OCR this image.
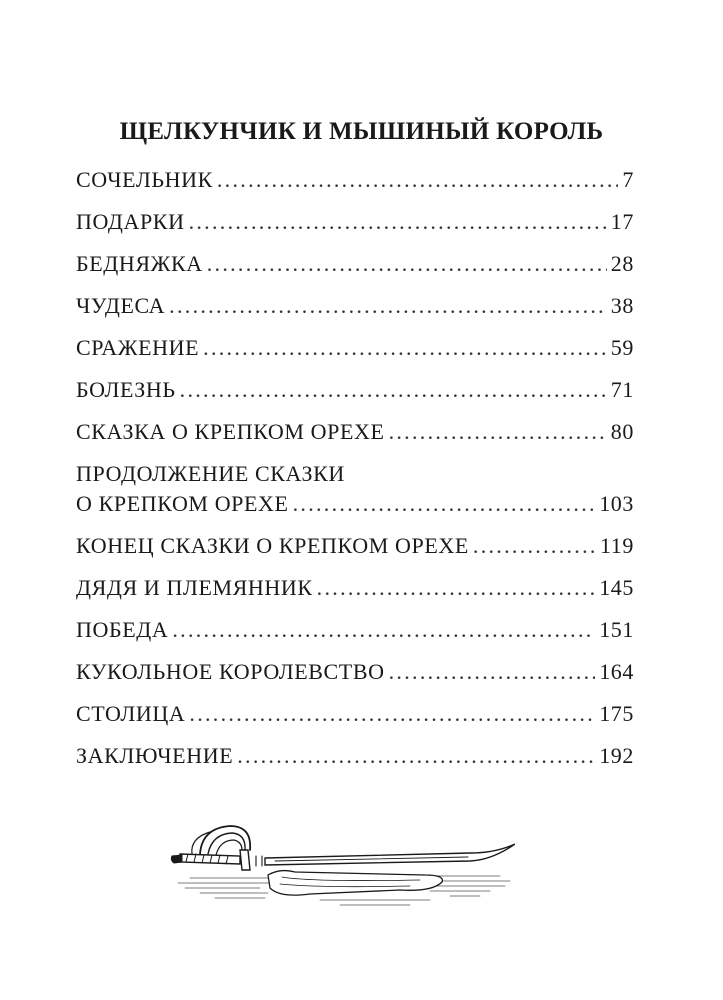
ЩЕЛКУНЧИК И МЫШИНЫЙ КОРОЛЬ
СОЧЕЛЬНИК . . .	7
ПОДАРКИ . . .	17
БЕДНЯЖКА . . .	28
ЧУДЕСА . . .	38
СРАЖЕНИЕ . . .	59
БОЛЕЗНЬ . . .	71
СКАЗКА О КРЕПКОМ ОРЕХЕ . . .	80
ПРОДОЛЖЕНИЕ СКАЗКИ
О КРЕПКОМ ОРЕХЕ . . .	103
КОНЕЦ СКАЗКИ О КРЕПКОМ ОРЕХЕ . . .	119
ДЯДЯ И ПЛЕМЯННИК . . .	145
ПОБЕДА . . .	151
КУКОЛЬНОЕ КОРОЛЕВСТВО . . .	164
СТОЛИЦА . . .	175
ЗАКЛЮЧЕНИЕ . . .	192
